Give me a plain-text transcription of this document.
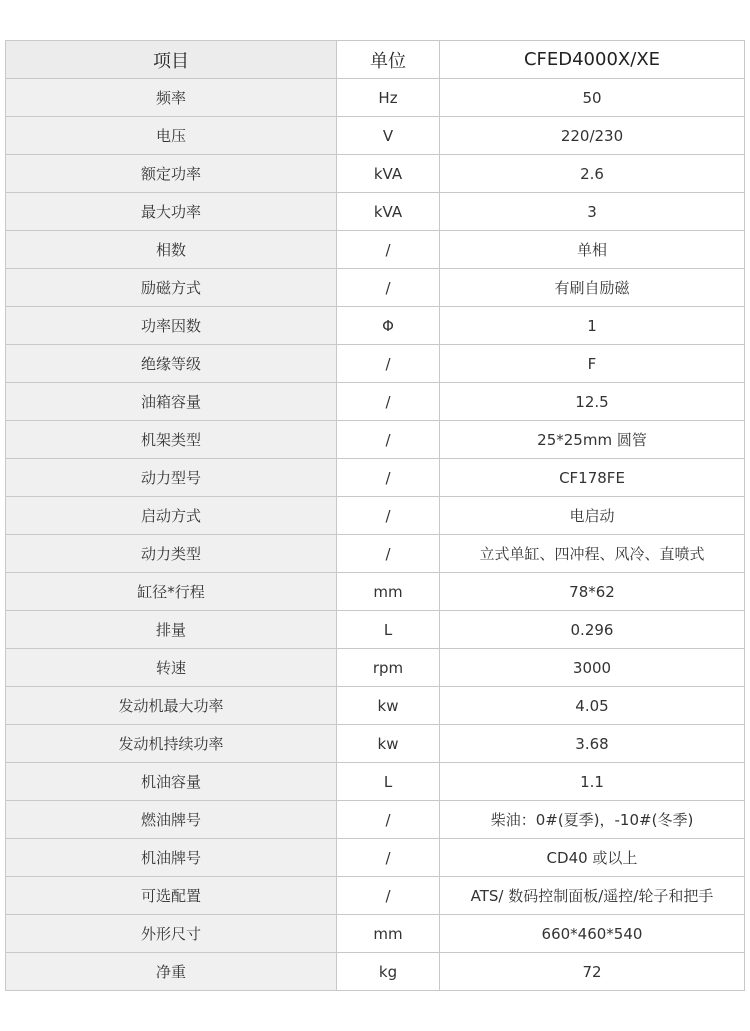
项目	单位	CFED4000X/XE
频率	Hz	50
电压	V	220/230
额定功率	kVA	2.6
最大功率	kVA	3
相数	/	单相
励磁方式	/	有刷自励磁
功率因数	Φ	1
绝缘等级	/	F
油箱容量	/	12.5
机架类型	/	25*25mm 圆管
动力型号	/	CF178FE
启动方式	/	电启动
动力类型	/	立式单缸、四冲程、风冷、直喷式
缸径*行程	mm	78*62
排量	L	0.296
转速	rpm	3000
发动机最大功率	kw	4.05
发动机持续功率	kw	3.68
机油容量	L	1.1
燃油牌号	/	柴油：0#(夏季)，-10#(冬季)
机油牌号	/	CD40 或以上
可选配置	/	ATS/ 数码控制面板/遥控/轮子和把手
外形尺寸	mm	660*460*540
净重	kg	72
